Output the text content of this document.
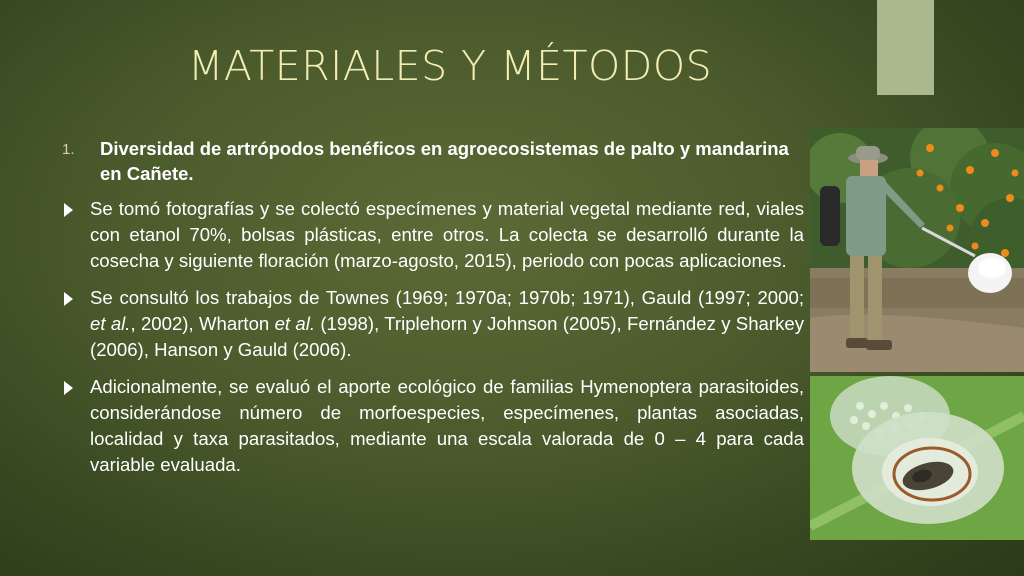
MATERIALES Y MÉTODOS
1. Diversidad de artrópodos benéficos en agroecosistemas de palto y mandarina en Cañete.
Se tomó fotografías y se colectó especímenes y material vegetal mediante red, viales con etanol 70%, bolsas plásticas, entre otros. La colecta se desarrolló durante la cosecha y siguiente floración (marzo-agosto, 2015), periodo con pocas aplicaciones.
Se consultó los trabajos de Townes (1969; 1970a; 1970b; 1971), Gauld (1997; 2000; et al., 2002), Wharton et al. (1998), Triplehorn y Johnson (2005), Fernández y Sharkey (2006), Hanson y Gauld (2006).
Adicionalmente, se evaluó el aporte ecológico de familias Hymenoptera parasitoides, considerándose número de morfoespecies, especímenes, plantas asociadas, localidad y taxa parasitados, mediante una escala valorada de 0 – 4 para cada variable evaluada.
